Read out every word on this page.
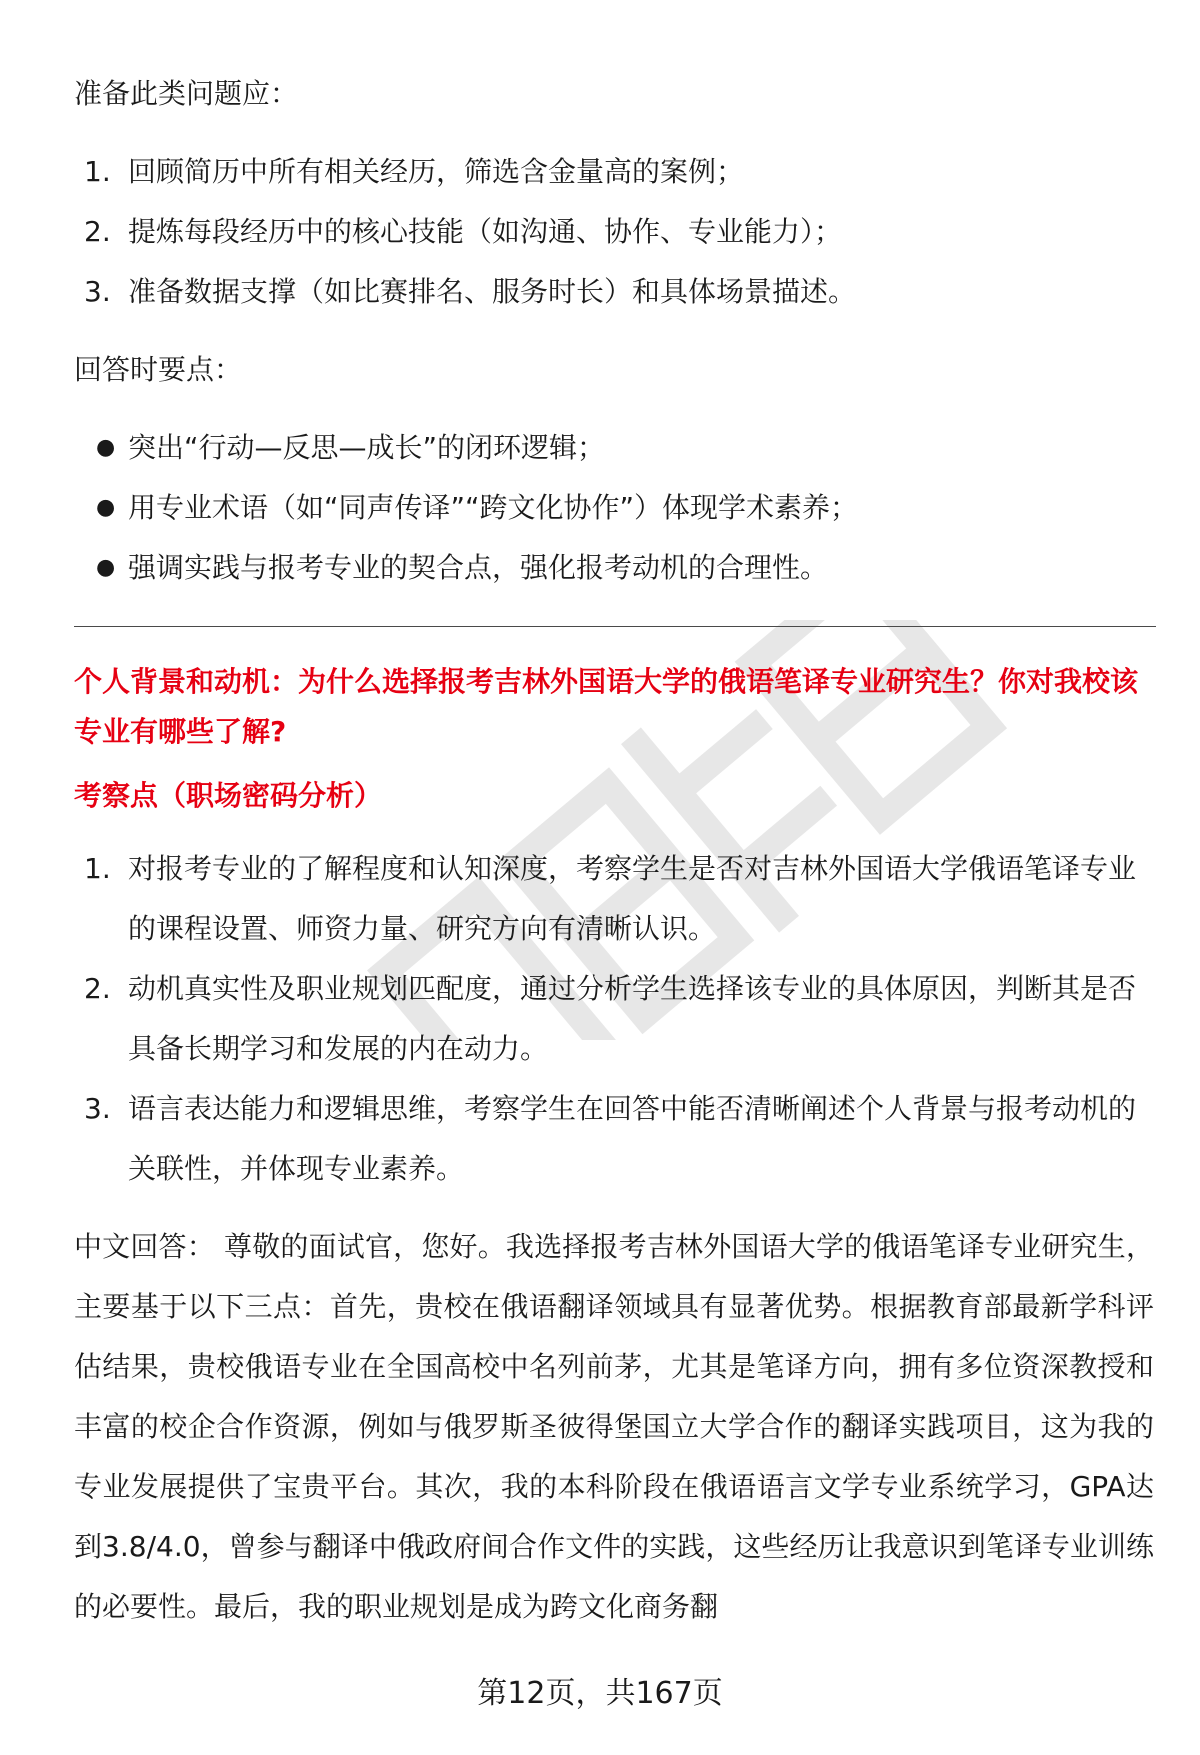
准备此类问题应：

1. 回顾简历中所有相关经历，筛选含金量高的案例；
2. 提炼每段经历中的核心技能（如沟通、协作、专业能力）；
3. 准备数据支撑（如比赛排名、服务时长）和具体场景描述。

回答时要点：

● 突出“行动—反思—成长”的闭环逻辑；
● 用专业术语（如“同声传译”“跨文化协作”）体现学术素养；
● 强调实践与报考专业的契合点，强化报考动机的合理性。

个人背景和动机：为什么选择报考吉林外国语大学的俄语笔译专业研究生？你对我校该专业有哪些了解?

考察点（职场密码分析）

1. 对报考专业的了解程度和认知深度，考察学生是否对吉林外国语大学俄语笔译专业的课程设置、师资力量、研究方向有清晰认识。
2. 动机真实性及职业规划匹配度，通过分析学生选择该专业的具体原因，判断其是否具备长期学习和发展的内在动力。
3. 语言表达能力和逻辑思维，考察学生在回答中能否清晰阐述个人背景与报考动机的关联性，并体现专业素养。

中文回答： 尊敬的面试官，您好。我选择报考吉林外国语大学的俄语笔译专业研究生，主要基于以下三点：首先，贵校在俄语翻译领域具有显著优势。根据教育部最新学科评估结果，贵校俄语专业在全国高校中名列前茅，尤其是笔译方向，拥有多位资深教授和丰富的校企合作资源，例如与俄罗斯圣彼得堡国立大学合作的翻译实践项目，这为我的专业发展提供了宝贵平台。其次，我的本科阶段在俄语语言文学专业系统学习，GPA达到3.8/4.0，曾参与翻译中俄政府间合作文件的实践，这些经历让我意识到笔译专业训练的必要性。最后，我的职业规划是成为跨文化商务翻

第12页，共167页
